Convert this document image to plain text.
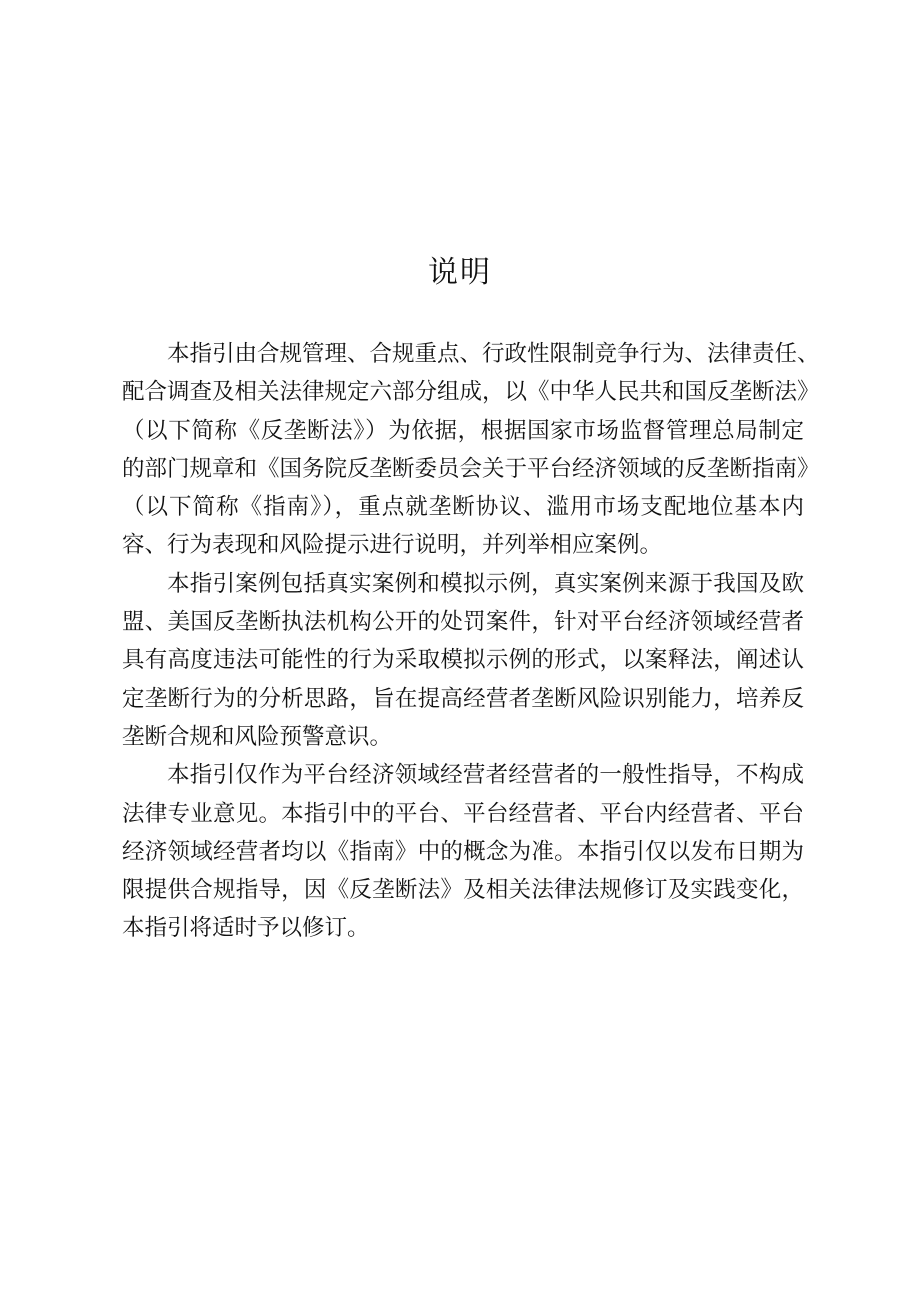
说明

本指引由合规管理、合规重点、行政性限制竞争行为、法律责任、
配合调查及相关法律规定六部分组成，以《中华人民共和国反垄断法》
（以下简称《反垄断法》）为依据，根据国家市场监督管理总局制定
的部门规章和《国务院反垄断委员会关于平台经济领域的反垄断指南》
（以下简称《指南》），重点就垄断协议、滥用市场支配地位基本内
容、行为表现和风险提示进行说明，并列举相应案例。

本指引案例包括真实案例和模拟示例，真实案例来源于我国及欧
盟、美国反垄断执法机构公开的处罚案件，针对平台经济领域经营者
具有高度违法可能性的行为采取模拟示例的形式，以案释法，阐述认
定垄断行为的分析思路，旨在提高经营者垄断风险识别能力，培养反
垄断合规和风险预警意识。

本指引仅作为平台经济领域经营者经营者的一般性指导，不构成
法律专业意见。本指引中的平台、平台经营者、平台内经营者、平台
经济领域经营者均以《指南》中的概念为准。本指引仅以发布日期为
限提供合规指导，因《反垄断法》及相关法律法规修订及实践变化，
本指引将适时予以修订。
